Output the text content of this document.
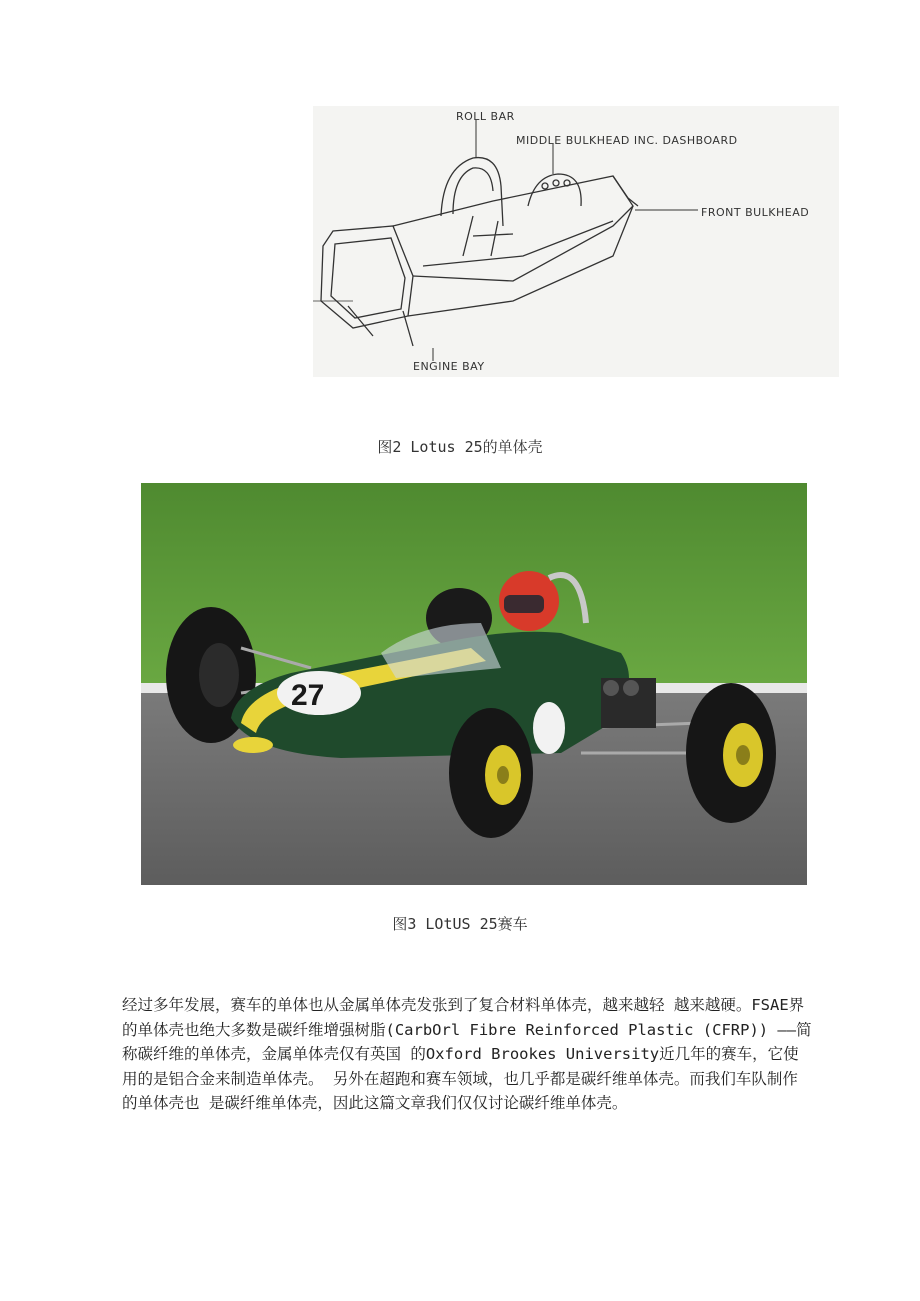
ROLL BAR
MIDDLE BULKHEAD INC. DASHBOARD
FRONT BULKHEAD
ENGINE BAY
图2 Lotus 25的单体壳
27
图3 LOtUS 25赛车
经过多年发展，赛车的单体也从金属单体壳发张到了复合材料单体壳，越来越轻 越来越硬。FSAE界的单体壳也绝大多数是碳纤维增强树脂(CarbOrl Fibre Reinforced Plastic (CFRP)) ——简称碳纤维的单体壳，金属单体壳仅有英国 的Oxford Brookes University近几年的赛车，它使用的是铝合金来制造单体壳。 另外在超跑和赛车领域，也几乎都是碳纤维单体壳。而我们车队制作的单体壳也 是碳纤维单体壳，因此这篇文章我们仅仅讨论碳纤维单体壳。
